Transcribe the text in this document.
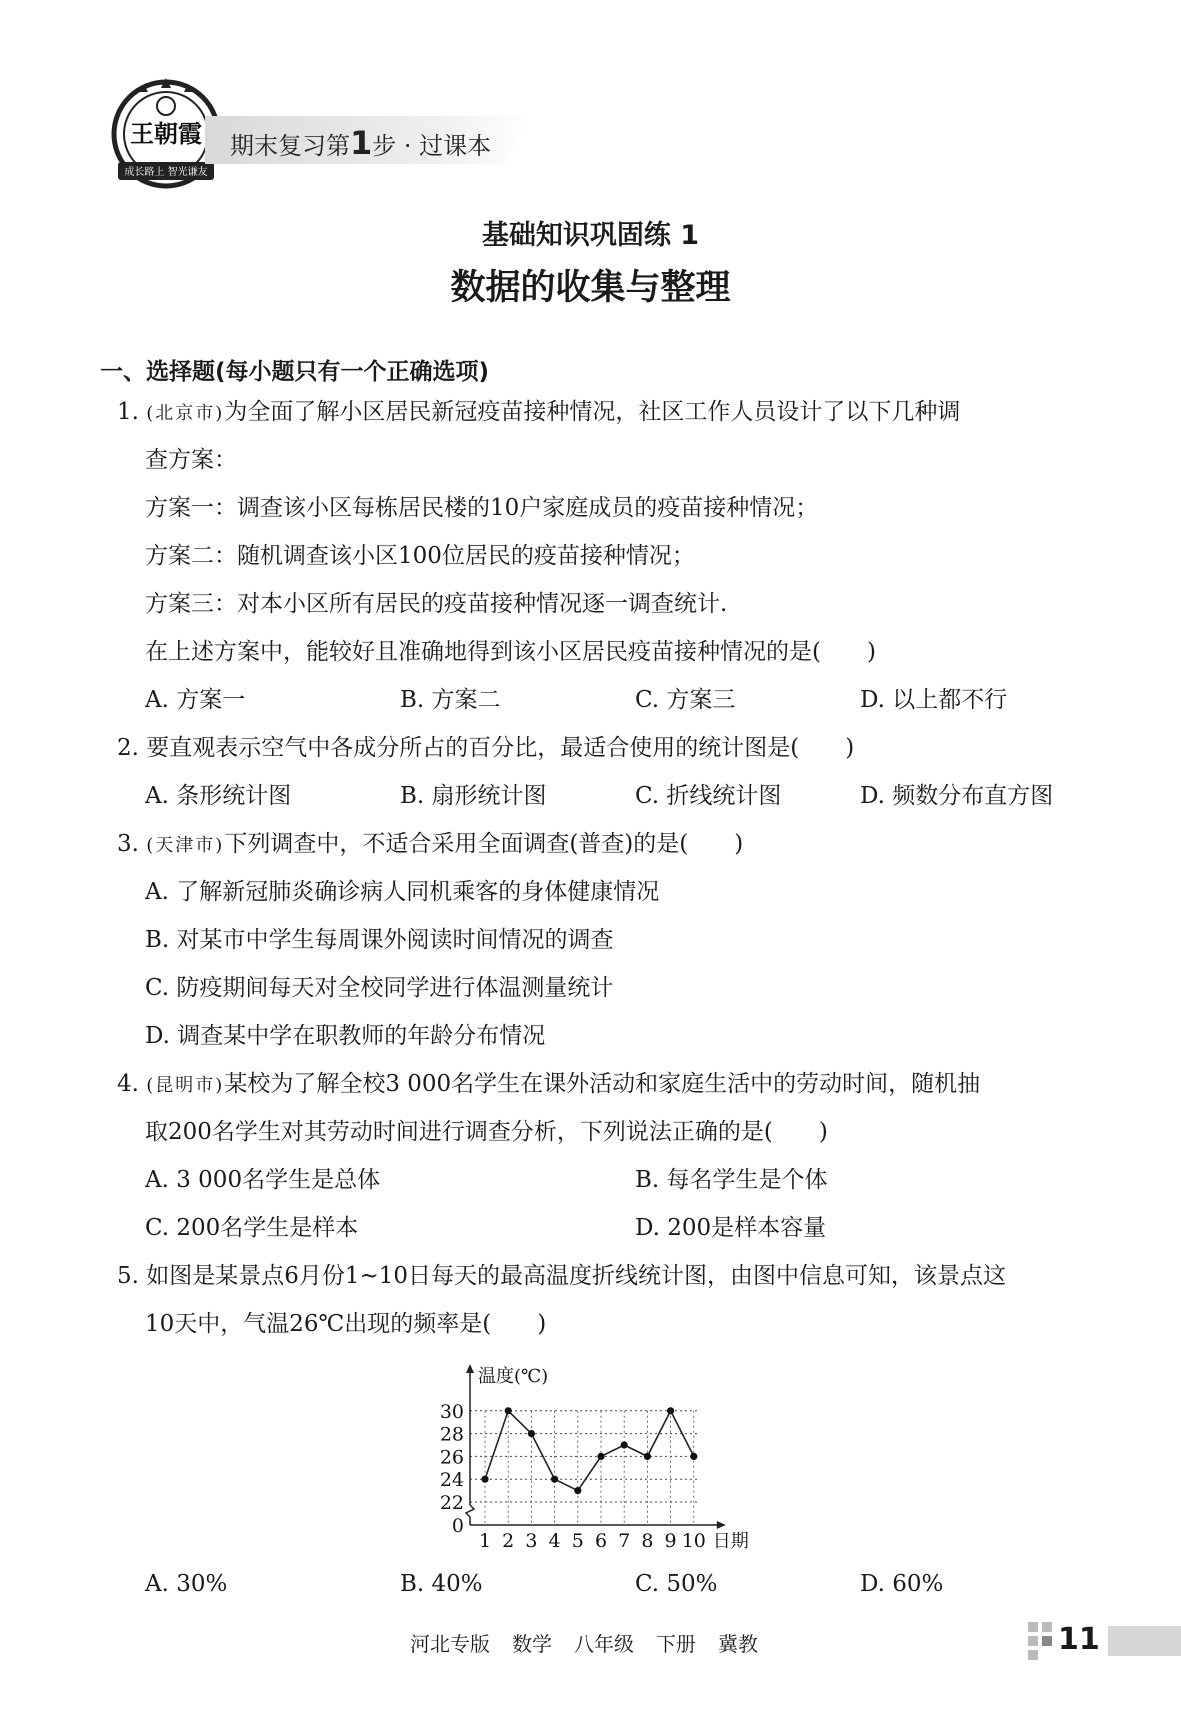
王朝霞
成长路上 智光谦友
期末复习第1步 · 过课本
基础知识巩固练 1
数据的收集与整理
一、选择题(每小题只有一个正确选项)
1. (北京市)为全面了解小区居民新冠疫苗接种情况，社区工作人员设计了以下几种调
查方案：
方案一：调查该小区每栋居民楼的10户家庭成员的疫苗接种情况；
方案二：随机调查该小区100位居民的疫苗接种情况；
方案三：对本小区所有居民的疫苗接种情况逐一调查统计.
在上述方案中，能较好且准确地得到该小区居民疫苗接种情况的是(　　)
A. 方案一	B. 方案二	C. 方案三	D. 以上都不行
2. 要直观表示空气中各成分所占的百分比，最适合使用的统计图是(　　)
A. 条形统计图	B. 扇形统计图	C. 折线统计图	D. 频数分布直方图
3. (天津市)下列调查中，不适合采用全面调查(普查)的是(　　)
A. 了解新冠肺炎确诊病人同机乘客的身体健康情况
B. 对某市中学生每周课外阅读时间情况的调查
C. 防疫期间每天对全校同学进行体温测量统计
D. 调查某中学在职教师的年龄分布情况
4. (昆明市)某校为了解全校3 000名学生在课外活动和家庭生活中的劳动时间，随机抽
取200名学生对其劳动时间进行调查分析，下列说法正确的是(　　)
A. 3 000名学生是总体	B. 每名学生是个体
C. 200名学生是样本	D. 200是样本容量
5. 如图是某景点6月份1~10日每天的最高温度折线统计图，由图中信息可知，该景点这
10天中，气温26℃出现的频率是(　　)
0
22
24
26
28
30
1 2 3 4 5 6 7 8 9 10
温度(℃)
日期
A. 30%	B. 40%	C. 50%	D. 60%
河北专版 数学 八年级 下册 冀教	11
